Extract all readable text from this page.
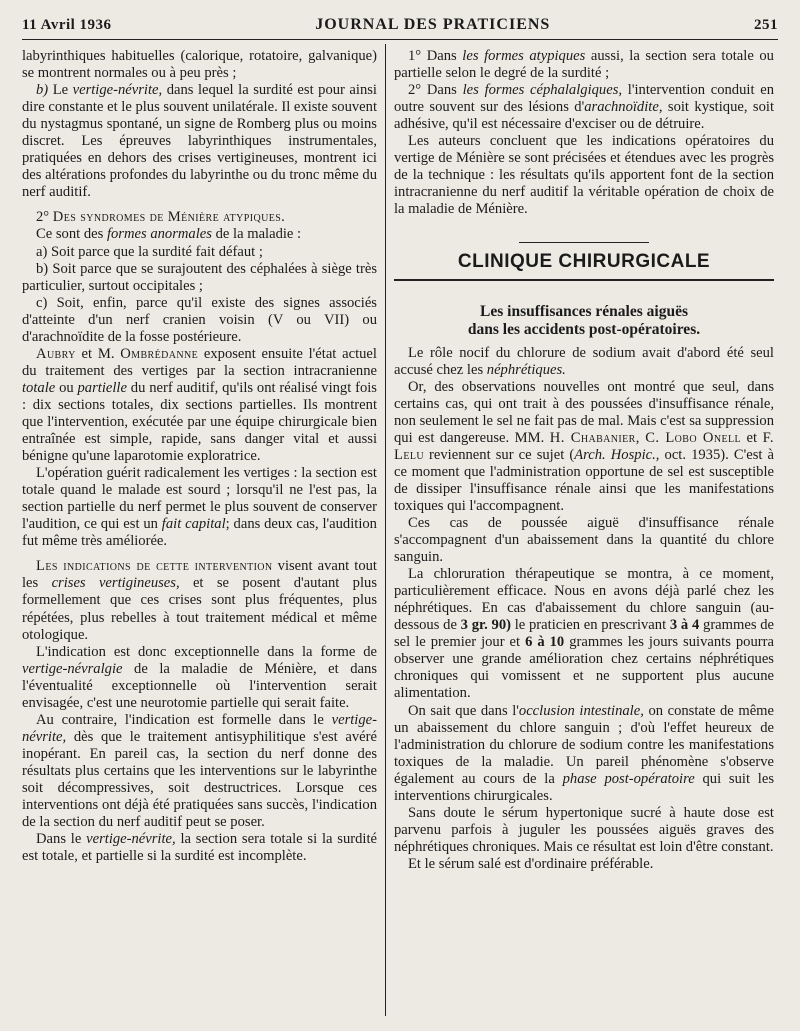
11 Avril 1936	JOURNAL DES PRATICIENS	251

labyrinthiques habituelles (calorique, rotatoire, galvanique) se montrent normales ou à peu près ;

b) Le vertige-névrite, dans lequel la surdité est pour ainsi dire constante et le plus souvent unilatérale. Il existe souvent du nystagmus spontané, un signe de Romberg plus ou moins discret. Les épreuves labyrinthiques instrumentales, pratiquées en dehors des crises vertigineuses, montrent ici des altérations profondes du labyrinthe ou du tronc même du nerf auditif.

2° Des syndromes de Ménière atypiques.

Ce sont des formes anormales de la maladie :

a) Soit parce que la surdité fait défaut ;

b) Soit parce que se surajoutent des céphalées à siège très particulier, surtout occipitales ;

c) Soit, enfin, parce qu'il existe des signes associés d'atteinte d'un nerf cranien voisin (V ou VII) ou d'arachnoïdite de la fosse postérieure.

Aubry et M. Ombrédanne exposent ensuite l'état actuel du traitement des vertiges par la section intracranienne totale ou partielle du nerf auditif, qu'ils ont réalisé vingt fois : dix sections totales, dix sections partielles. Ils montrent que l'intervention, exécutée par une équipe chirurgicale bien entraînée est simple, rapide, sans danger vital et aussi bénigne qu'une laparotomie exploratrice.

L'opération guérit radicalement les vertiges : la section est totale quand le malade est sourd ; lorsqu'il ne l'est pas, la section partielle du nerf permet le plus souvent de conserver l'audition, ce qui est un fait capital; dans deux cas, l'audition fut même très améliorée.

Les indications de cette intervention visent avant tout les crises vertigineuses, et se posent d'autant plus formellement que ces crises sont plus fréquentes, plus répétées, plus rebelles à tout traitement médical et même otologique.

L'indication est donc exceptionnelle dans la forme de vertige-névralgie de la maladie de Ménière, et dans l'éventualité exceptionnelle où l'intervention serait envisagée, c'est une neurotomie partielle qui serait faite.

Au contraire, l'indication est formelle dans le vertige-névrite, dès que le traitement antisyphilitique s'est avéré inopérant. En pareil cas, la section du nerf donne des résultats plus certains que les interventions sur le labyrinthe soit décompressives, soit destructrices. Lorsque ces interventions ont déjà été pratiquées sans succès, l'indication de la section du nerf auditif peut se poser.

Dans le vertige-névrite, la section sera totale si la surdité est totale, et partielle si la surdité est incomplète.

1° Dans les formes atypiques aussi, la section sera totale ou partielle selon le degré de la surdité ;

2° Dans les formes céphalalgiques, l'intervention conduit en outre souvent sur des lésions d'arachnoïdite, soit kystique, soit adhésive, qu'il est nécessaire d'exciser ou de détruire.

Les auteurs concluent que les indications opératoires du vertige de Ménière se sont précisées et étendues avec les progrès de la technique : les résultats qu'ils apportent font de la section intracranienne du nerf auditif la véritable opération de choix de la maladie de Ménière.

CLINIQUE CHIRURGICALE
Les insuffisances rénales aiguës
dans les accidents post-opératoires.

Le rôle nocif du chlorure de sodium avait d'abord été seul accusé chez les néphrétiques.

Or, des observations nouvelles ont montré que seul, dans certains cas, qui ont trait à des poussées d'insuffisance rénale, non seulement le sel ne fait pas de mal. Mais c'est sa suppression qui est dangereuse. MM. H. Chabanier, C. Lobo Onell et F. Lelu reviennent sur ce sujet (Arch. Hospic., oct. 1935). C'est à ce moment que l'administration opportune de sel est susceptible de dissiper l'insuffisance rénale ainsi que les manifestations toxiques qui l'accompagnent.

Ces cas de poussée aiguë d'insuffisance rénale s'accompagnent d'un abaissement dans la quantité du chlore sanguin.

La chloruration thérapeutique se montra, à ce moment, particulièrement efficace. Nous en avons déjà parlé chez les néphrétiques. En cas d'abaissement du chlore sanguin (au-dessous de 3 gr. 90) le praticien en prescrivant 3 à 4 grammes de sel le premier jour et 6 à 10 grammes les jours suivants pourra observer une grande amélioration chez certains néphrétiques chroniques qui vomissent et ne supportent plus aucune alimentation.

On sait que dans l'occlusion intestinale, on constate de même un abaissement du chlore sanguin ; d'où l'effet heureux de l'administration du chlorure de sodium contre les manifestations toxiques de la maladie. Un pareil phénomène s'observe également au cours de la phase post-opératoire qui suit les interventions chirurgicales.

Sans doute le sérum hypertonique sucré à haute dose est parvenu parfois à juguler les poussées aiguës graves des néphrétiques chroniques. Mais ce résultat est loin d'être constant.

Et le sérum salé est d'ordinaire préférable.
